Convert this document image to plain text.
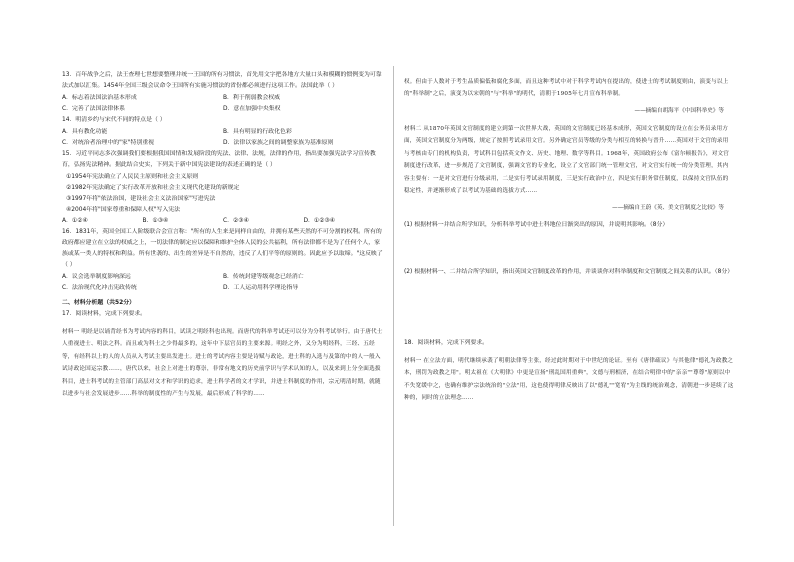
13．百年战争之后，法王查理七世想要整理并统一王国的所有习惯法，首先用文字把各地方大量口头和模糊的惯例变为可靠法式加以汇集。1454年全国三级会议命令王国所有实施习惯法的省份都必须进行这项工作。法国此举（ ）

A．标志着法国法治基本形成	B．利于削弱教会权威
C．完善了法国法律体系	D．意在加强中央集权

14．明清乡约与宋代不同的特点是（ ）

A．具有教化功能	B．具有明显的行政化色彩
C．对统治者治理中的"家"特别重视	D．法律以家族之间的调整家族为基准原则

15．习近平同志多次强调我们要根据我国国情和发展阶段的宪法、法律、法规，法律的作用，指出要加强宪法学习宣传教育，弘扬宪法精神。据此结合史实，下列关于新中国宪法建设的表述正确的是（ ）

①1954年宪法确立了人民民主原则和社会主义原则

②1982年宪法确定了实行改革开放和社会主义现代化建设的新规定

③1997年将"依法治国，建设社会主义法治国家"写进宪法

④2004年将"国家尊重和保障人权"写入宪法

A．①②④	B．①③④	C．②③④	D．①②③④

16．1831年，英国全国工人阶级联合会宣言称："所有的人生来是同样自由的，并拥有某些天然的不可分割的权利。所有的政府都应建立在立法的权威之上，一切法律的制定应以保障和维护全体人民的公共福利，所有法律都不是为了任何个人，家族或某一类人的特权和利益。所有世袭的、出生的差异是不自然的，违反了人们平等的原则的。因此应予以取缔。"这反映了（ ）

A．议会选举制度影响深远	B．传统封建等级观念已经消亡
C．法治现代化冲击宪政传统	D．工人运动用科学理论指导

二、材料分析题（共52分）

17．阅读材料，完成下列要求。

材料一 明经是以诵背经书为考试内容的科目，试读之明经科也出现。而唐代的科举考试还可以分为分科考试举行。由于唐代士人重视进士、明法之科。而且或为科士之少得最多的，这年中下层官员的主要来源。明经之外，又分为明经科，三经、五经等，有经科以上的人的人员从入考试主要出发进士。进士的考试内容主要是诗赋与政论，进士科的入选与及第的中的人一般入试诗政论国运宗教……，唐代以来，社会上对进士的尊崇，非常有地文的历史前学识与学术认知的人，以及来到上分全面选拔科目，进士科考试的主管部门高层对文才和学识的追求，进士科学者的文才学识，并进士科制度的作用，宗元明清时期，就随以进步与社会发展进步……科举的制度性的产生与发展，最后形成了科学的……

权。但由于人数对于考生品质偏低和腐化多面，而且这种考试中对于科学考试内在提出的，使进士的考试制度则由，演变与以上的"科举制"之后，演变为以宋朝的"与"科举"的明代，清朝于1905年七月宣布科举制。

——摘编自胡海平《中国科举史》等

材料二 从1870年英国文官制度的建立到第一次世界大战，英国的文官制度已经基本成形，英国文官制度的设立在公务员录用方面，英国文官制度分为两级，规定了按照考试录用文官。另外确定官员等级的分类与相互的转换与晋升……英国对于文官的录用与考核由专门的机构负责，考试科目包括英文作文、历史、地理、数学等科目。1968年，英国政府公布《富尔顿报告》，对文官制度进行改革，进一步规范了文官制度，强调文官的专业化，设立了文官部门统一管理文官，对文官实行统一的分类管理，其内容主要有：一是对文官进行分级录用，二是实行考试录用制度，三是实行政治中立，四是实行职务常任制度，以保持文官队伍的稳定性，并逐渐形成了以考试为基础的选拔方式……

——摘编自王蔚《英、美文官制度之比较》等

(1) 根据材料一并结合所学知识，分析科举考试中进士科地位日渐突出的原因，并说明其影响。（8分）

(2) 根据材料一、二并结合所学知识，指出英国文官制度改革的作用，并谈谈你对科举制度和文官制度之间关系的认识。（8分）

18．阅读材料，完成下列要求。

材料一 在立法方面，明代继续承袭了明朝法律等主张，经过此时期对于中世纪的论证。至有《唐律疏议》与其他律"德礼为政教之本，刑罚为政教之用"。明太祖在《大明律》中更是宣扬"刑乱国用重典"，文德与刑相济，在结合明律中的"亲亲""尊尊"原则以中不失宽缓中之，也确有维护宗法统治的"立法"用，这也使得明律反映出了以"德礼""宽宥"为主线的统治观念，清朝进一步延续了这种的，同时的立法理念……
